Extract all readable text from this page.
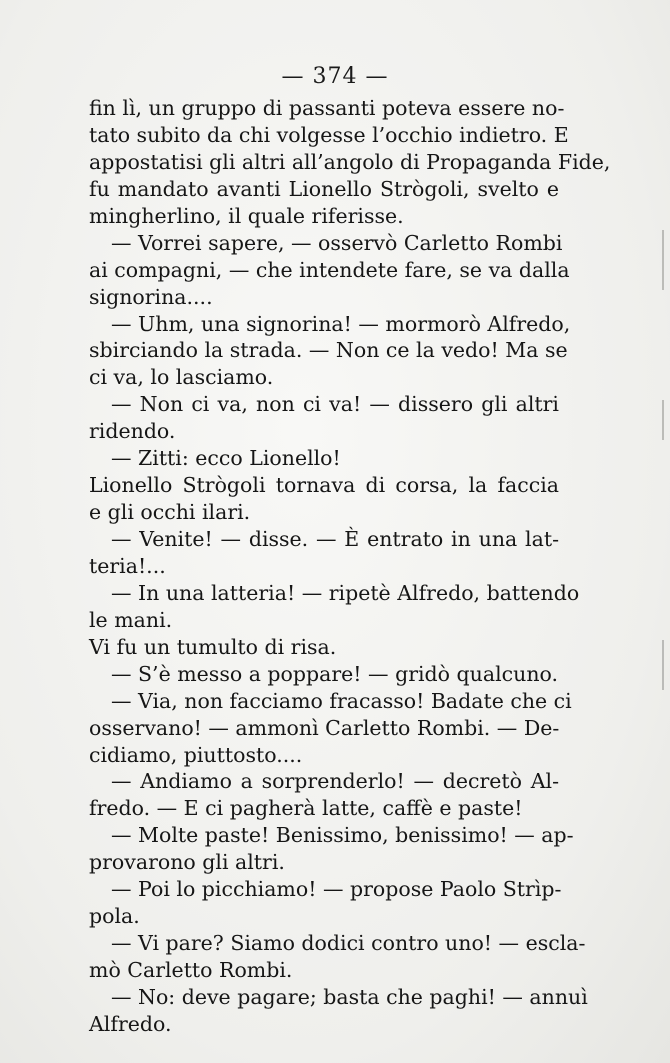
— 374 —
fin lì, un gruppo di passanti poteva essere no-
tato subito da chi volgesse l’occhio indietro. E
appostatisi gli altri all’angolo di Propaganda Fide,
fu mandato avanti Lionello Strògoli, svelto e
mingherlino, il quale riferisse.
— Vorrei sapere, — osservò Carletto Rombi
ai compagni, — che intendete fare, se va dalla
signorina....
— Uhm, una signorina! — mormorò Alfredo,
sbirciando la strada. — Non ce la vedo! Ma se
ci va, lo lasciamo.
— Non ci va, non ci va! — dissero gli altri
ridendo.
— Zitti: ecco Lionello!
Lionello Strògoli tornava di corsa, la faccia
e gli occhi ilari.
— Venite! — disse. — È entrato in una lat-
teria!...
— In una latteria! — ripetè Alfredo, battendo
le mani.
Vi fu un tumulto di risa.
— S’è messo a poppare! — gridò qualcuno.
— Via, non facciamo fracasso! Badate che ci
osservano! — ammonì Carletto Rombi. — De-
cidiamo, piuttosto....
— Andiamo a sorprenderlo! — decretò Al-
fredo. — E ci pagherà latte, caffè e paste!
— Molte paste! Benissimo, benissimo! — ap-
provarono gli altri.
— Poi lo picchiamo! — propose Paolo Strìp-
pola.
— Vi pare? Siamo dodici contro uno! — escla-
mò Carletto Rombi.
— No: deve pagare; basta che paghi! — annuì
Alfredo.
